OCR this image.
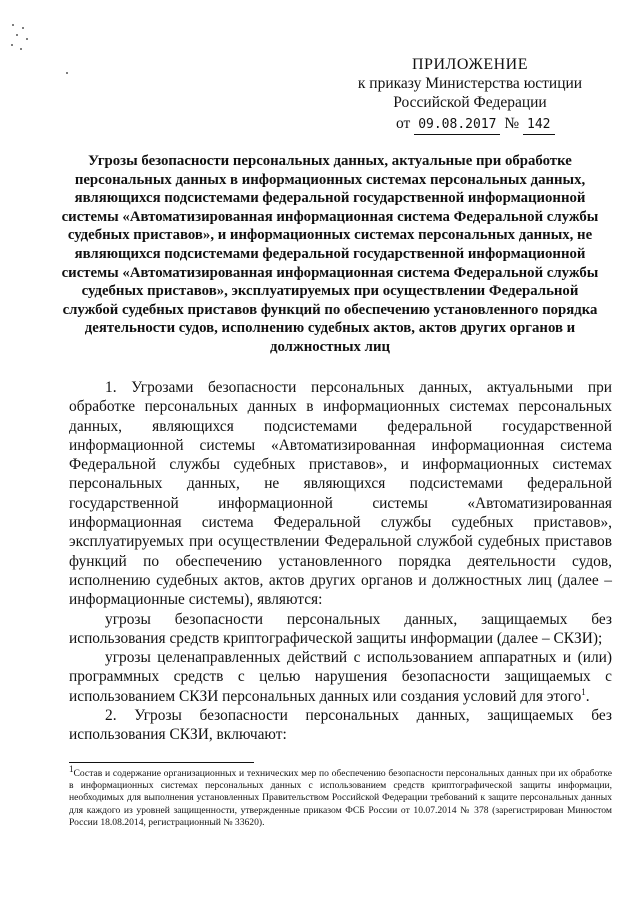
ПРИЛОЖЕНИЕ
к приказу Министерства юстиции
Российской Федерации
от 09.08.2017 № 142
Угрозы безопасности персональных данных, актуальные при обработке персональных данных в информационных системах персональных данных, являющихся подсистемами федеральной государственной информационной системы «Автоматизированная информационная система Федеральной службы судебных приставов», и информационных системах персональных данных, не являющихся подсистемами федеральной государственной информационной системы «Автоматизированная информационная система Федеральной службы судебных приставов», эксплуатируемых при осуществлении Федеральной службой судебных приставов функций по обеспечению установленного порядка деятельности судов, исполнению судебных актов, актов других органов и должностных лиц

1. Угрозами безопасности персональных данных, актуальными при обработке персональных данных в информационных системах персональных данных, являющихся подсистемами федеральной государственной информационной системы «Автоматизированная информационная система Федеральной службы судебных приставов», и информационных системах персональных данных, не являющихся подсистемами федеральной государственной информационной системы «Автоматизированная информационная система Федеральной службы судебных приставов», эксплуатируемых при осуществлении Федеральной службой судебных приставов функций по обеспечению установленного порядка деятельности судов, исполнению судебных актов, актов других органов и должностных лиц (далее – информационные системы), являются:

угрозы безопасности персональных данных, защищаемых без использования средств криптографической защиты информации (далее – СКЗИ);

угрозы целенаправленных действий с использованием аппаратных и (или) программных средств с целью нарушения безопасности защищаемых с использованием СКЗИ персональных данных или создания условий для этого$^1$.

2. Угрозы безопасности персональных данных, защищаемых без использования СКЗИ, включают:

$^1$Состав и содержание организационных и технических мер по обеспечению безопасности персональных данных при их обработке в информационных системах персональных данных с использованием средств криптографической защиты информации, необходимых для выполнения установленных Правительством Российской Федерации требований к защите персональных данных для каждого из уровней защищенности, утвержденные приказом ФСБ России от 10.07.2014 № 378 (зарегистрирован Минюстом России 18.08.2014, регистрационный № 33620).
